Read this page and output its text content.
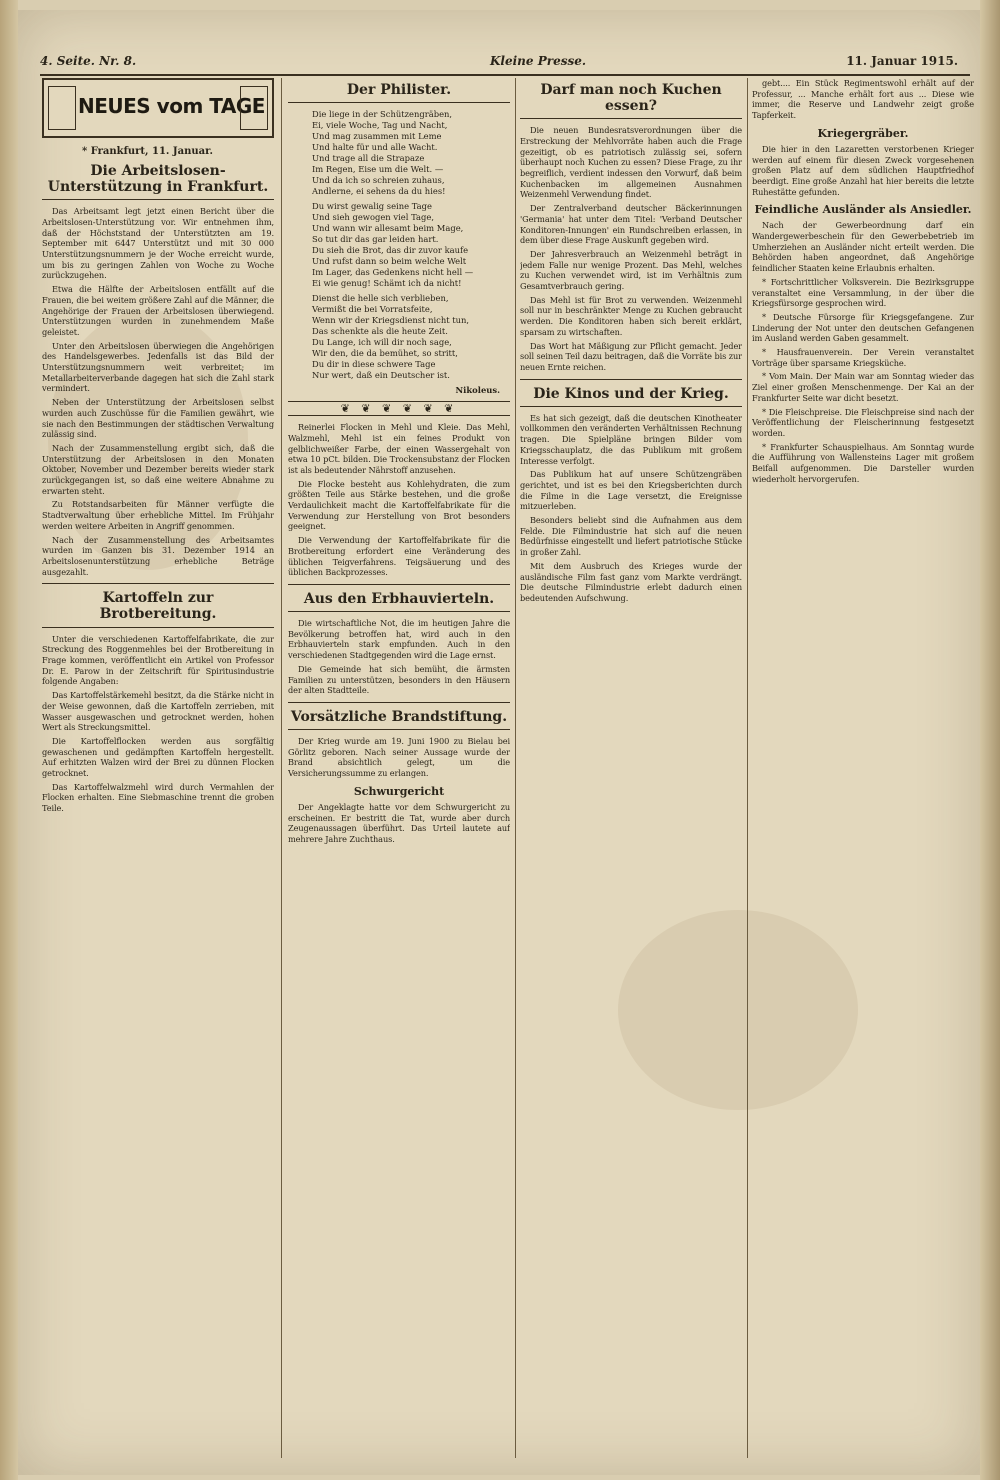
4. Seite. Nr. 8.	Kleine Presse.	11. Januar 1915.
NEUES vom TAGE
* Frankfurt, 11. Januar.
Die Arbeitslosen-Unterstützung in Frankfurt.

Das Arbeitsamt legt jetzt einen Bericht über die Arbeitslosen-Unterstützung vor. Wir entnehmen ihm, daß der Höchststand der Unterstützten am 19. September mit 6447 Unterstützt und mit 30 000 Unterstützungsnummern je der Woche erreicht wurde, um bis zu geringen Zahlen von Woche zu Woche zurückzugehen.

Etwa die Hälfte der Arbeitslosen entfällt auf die Frauen, die bei weitem größere Zahl auf die Männer, die Angehörige der Frauen der Arbeitslosen überwiegend. Unterstützungen wurden in zunehmendem Maße geleistet.

Unter den Arbeitslosen überwiegen die Angehörigen des Handelsgewerbes. Jedenfalls ist das Bild der Unterstützungsnummern weit verbreitet; im Metallarbeiterverbande dagegen hat sich die Zahl stark vermindert.

Neben der Unterstützung der Arbeitslosen selbst wurden auch Zuschüsse für die Familien gewährt, wie sie nach den Bestimmungen der städtischen Verwaltung zulässig sind.

Nach der Zusammenstellung ergibt sich, daß die Unterstützung der Arbeitslosen in den Monaten Oktober, November und Dezember bereits wieder stark zurückgegangen ist, so daß eine weitere Abnahme zu erwarten steht.

Zu Rotstandsarbeiten für Männer verfügte die Stadtverwaltung über erhebliche Mittel. Im Frühjahr werden weitere Arbeiten in Angriff genommen.

Nach der Zusammenstellung des Arbeitsamtes wurden im Ganzen bis 31. Dezember 1914 an Arbeitslosenunterstützung erhebliche Beträge ausgezahlt.

Kartoffeln zur Brotbereitung.

Unter die verschiedenen Kartoffelfabrikate, die zur Streckung des Roggenmehles bei der Brotbereitung in Frage kommen, veröffentlicht ein Artikel von Professor Dr. E. Parow in der Zeitschrift für Spiritusindustrie folgende Angaben:

Das Kartoffelstärkemehl besitzt, da die Stärke nicht in der Weise gewonnen, daß die Kartoffeln zerrieben, mit Wasser ausgewaschen und getrocknet werden, hohen Wert als Streckungsmittel.

Die Kartoffelflocken werden aus sorgfältig gewaschenen und gedämpften Kartoffeln hergestellt. Auf erhitzten Walzen wird der Brei zu dünnen Flocken getrocknet.

Das Kartoffelwalzmehl wird durch Vermahlen der Flocken erhalten. Eine Siebmaschine trennt die groben Teile.

Der Philister.
Die liege in der Schützengräben,
Ei, viele Woche, Tag und Nacht,
Und mag zusammen mit Leme
Und halte für und alle Wacht.
Und trage all die Strapaze
Im Regen, Eise um die Welt. —
Und da ich so schreien zuhaus,
Andlerne, ei sehens da du hies!
Du wirst gewalig seine Tage
Und sieh gewogen viel Tage,
Und wann wir allesamt beim Mage,
So tut dir das gar leiden hart.
Du sieh die Brot, das dir zuvor kaufe
Und rufst dann so beim welche Welt
Im Lager, das Gedenkens nicht hell —
Ei wie genug! Schämt ich da nicht!
Dienst die helle sich verblieben,
Vermißt die bei Vorratsfeite,
Wenn wir der Kriegsdienst nicht tun,
Das schenkte als die heute Zeit.
Du Lange, ich will dir noch sage,
Wir den, die da bemühet, so stritt,
Du dir in diese schwere Tage
Nur wert, daß ein Deutscher ist.
Nikoleus.
❦ ❦ ❦ ❦ ❦ ❦

Reinerlei Flocken in Mehl und Kleie. Das Mehl, Walzmehl, Mehl ist ein feines Produkt von gelblichweißer Farbe, der einen Wassergehalt von etwa 10 pCt. bilden. Die Trockensubstanz der Flocken ist als bedeutender Nährstoff anzusehen.

Die Flocke besteht aus Kohlehydraten, die zum größten Teile aus Stärke bestehen, und die große Verdaulichkeit macht die Kartoffelfabrikate für die Verwendung zur Herstellung von Brot besonders geeignet.

Die Verwendung der Kartoffelfabrikate für die Brotbereitung erfordert eine Veränderung des üblichen Teigverfahrens. Teigsäuerung und des üblichen Backprozesses.

Aus den Erbhauvierteln.

Die wirtschaftliche Not, die im heutigen Jahre die Bevölkerung betroffen hat, wird auch in den Erbhauvierteln stark empfunden. Auch in den verschiedenen Stadtgegenden wird die Lage ernst.

Die Gemeinde hat sich bemüht, die ärmsten Familien zu unterstützen, besonders in den Häusern der alten Stadtteile.

Vorsätzliche Brandstiftung.

Der Krieg wurde am 19. Juni 1900 zu Bielau bei Görlitz geboren. Nach seiner Aussage wurde der Brand absichtlich gelegt, um die Versicherungssumme zu erlangen.

Schwurgericht

Der Angeklagte hatte vor dem Schwurgericht zu erscheinen. Er bestritt die Tat, wurde aber durch Zeugenaussagen überführt. Das Urteil lautete auf mehrere Jahre Zuchthaus.

Darf man noch Kuchen essen?

Die neuen Bundesratsverordnungen über die Erstreckung der Mehlvorräte haben auch die Frage gezeitigt, ob es patriotisch zulässig sei, sofern überhaupt noch Kuchen zu essen? Diese Frage, zu ihr begreiflich, verdient indessen den Vorwurf, daß beim Kuchenbacken im allgemeinen Ausnahmen Weizenmehl Verwendung findet.

Der Zentralverband deutscher Bäckerinnungen 'Germania' hat unter dem Titel: 'Verband Deutscher Konditoren-Innungen' ein Rundschreiben erlassen, in dem über diese Frage Auskunft gegeben wird.

Der Jahresverbrauch an Weizenmehl beträgt in jedem Falle nur wenige Prozent. Das Mehl, welches zu Kuchen verwendet wird, ist im Verhältnis zum Gesamtverbrauch gering.

Das Mehl ist für Brot zu verwenden. Weizenmehl soll nur in beschränkter Menge zu Kuchen gebraucht werden. Die Konditoren haben sich bereit erklärt, sparsam zu wirtschaften.

Das Wort hat Mäßigung zur Pflicht gemacht. Jeder soll seinen Teil dazu beitragen, daß die Vorräte bis zur neuen Ernte reichen.

Die Kinos und der Krieg.

Es hat sich gezeigt, daß die deutschen Kinotheater vollkommen den veränderten Verhältnissen Rechnung tragen. Die Spielpläne bringen Bilder vom Kriegsschauplatz, die das Publikum mit großem Interesse verfolgt.

Das Publikum hat auf unsere Schützengräben gerichtet, und ist es bei den Kriegsberichten durch die Filme in die Lage versetzt, die Ereignisse mitzuerleben.

Besonders beliebt sind die Aufnahmen aus dem Felde. Die Filmindustrie hat sich auf die neuen Bedürfnisse eingestellt und liefert patriotische Stücke in großer Zahl.

Mit dem Ausbruch des Krieges wurde der ausländische Film fast ganz vom Markte verdrängt. Die deutsche Filmindustrie erlebt dadurch einen bedeutenden Aufschwung.

gebt.... Ein Stück Regimentswohl erhält auf der Professur, ... Manche erhält fort aus ... Diese wie immer, die Reserve und Landwehr zeigt große Tapferkeit.

Kriegergräber.

Die hier in den Lazaretten verstorbenen Krieger werden auf einem für diesen Zweck vorgesehenen großen Platz auf dem südlichen Hauptfriedhof beerdigt. Eine große Anzahl hat hier bereits die letzte Ruhestätte gefunden.

Feindliche Ausländer als Ansiedler.

Nach der Gewerbeordnung darf ein Wandergewerbeschein für den Gewerbebetrieb im Umherziehen an Ausländer nicht erteilt werden. Die Behörden haben angeordnet, daß Angehörige feindlicher Staaten keine Erlaubnis erhalten.

* Fortschrittlicher Volksverein. Die Bezirksgruppe veranstaltet eine Versammlung, in der über die Kriegsfürsorge gesprochen wird.

* Deutsche Fürsorge für Kriegsgefangene. Zur Linderung der Not unter den deutschen Gefangenen im Ausland werden Gaben gesammelt.

* Hausfrauenverein. Der Verein veranstaltet Vorträge über sparsame Kriegsküche.

* Vom Main. Der Main war am Sonntag wieder das Ziel einer großen Menschenmenge. Der Kai an der Frankfurter Seite war dicht besetzt.

* Die Fleischpreise. Die Fleischpreise sind nach der Veröffentlichung der Fleischerinnung festgesetzt worden.

* Frankfurter Schauspielhaus. Am Sonntag wurde die Aufführung von Wallensteins Lager mit großem Beifall aufgenommen. Die Darsteller wurden wiederholt hervorgerufen.
